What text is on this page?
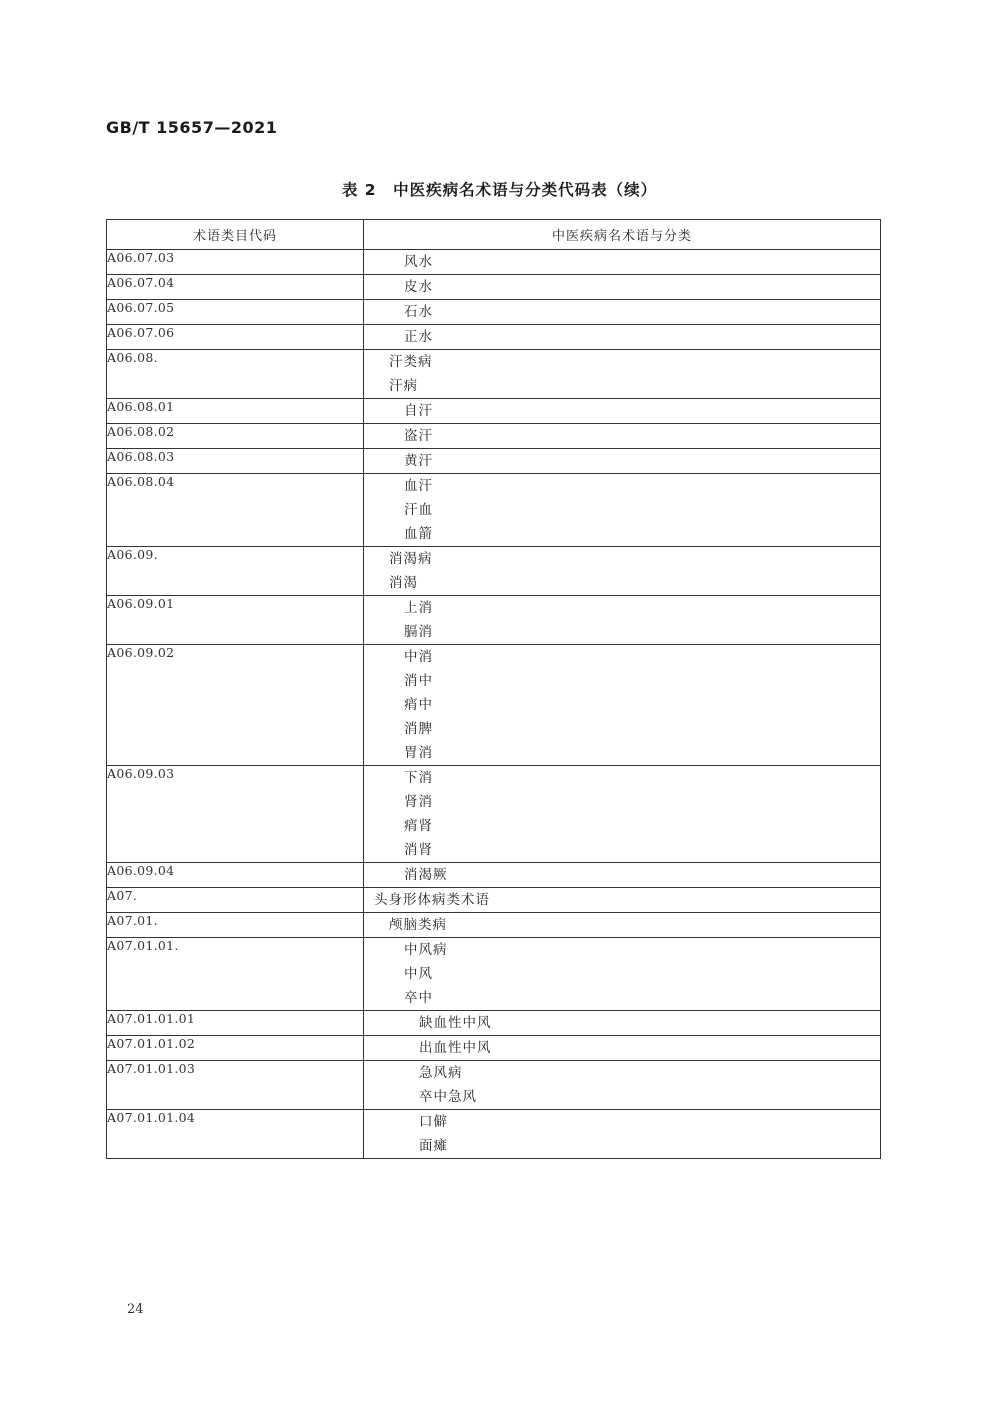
GB/T 15657—2021
表 2　中医疾病名术语与分类代码表（续）
术语类目代码	中医疾病名术语与分类
A06.07.03	风水

A06.07.04	皮水

A06.07.05	石水

A06.07.06	正水

A06.08.	汗类病
汗病

A06.08.01	自汗

A06.08.02	盗汗

A06.08.03	黄汗

A06.08.04	血汗
汗血
血箭

A06.09.	消渴病
消渴

A06.09.01	上消
膈消

A06.09.02	中消
消中
痟中
消脾
胃消

A06.09.03	下消
肾消
痟肾
消肾

A06.09.04	消渴厥

A07.	头身形体病类术语

A07.01.	颅脑类病

A07.01.01.	中风病
中风
卒中

A07.01.01.01	缺血性中风

A07.01.01.02	出血性中风

A07.01.01.03	急风病
卒中急风

A07.01.01.04	口僻
面瘫
24
